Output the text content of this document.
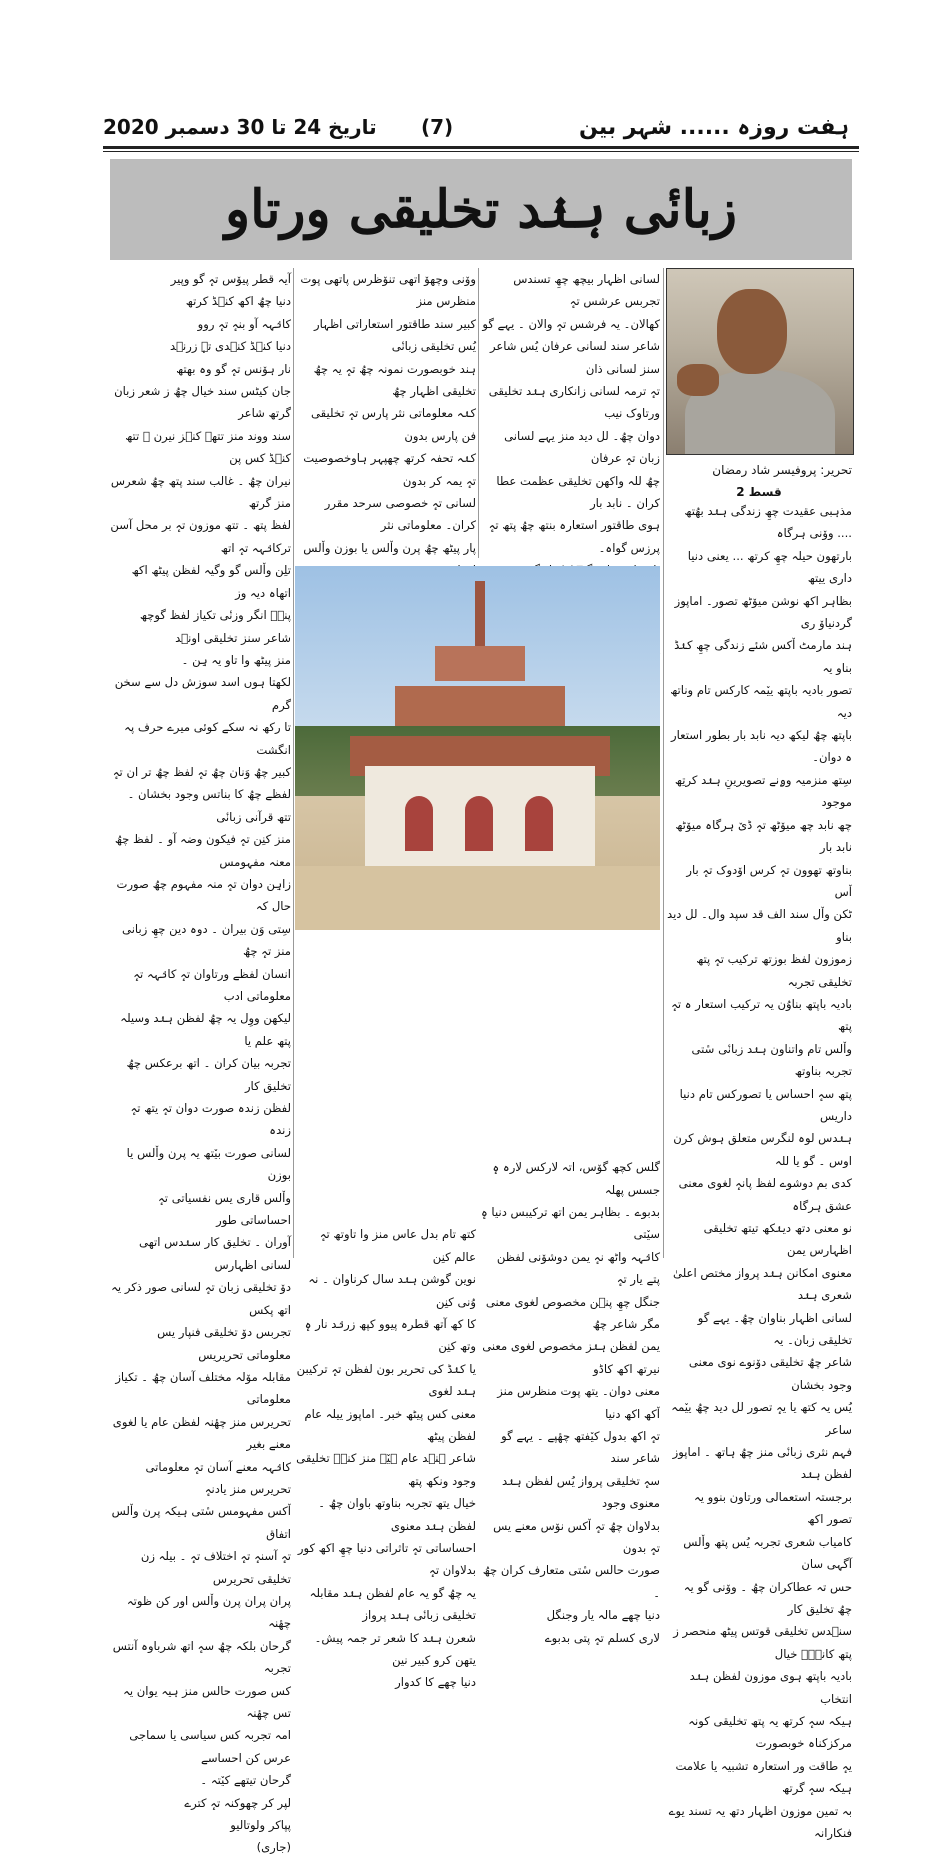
ہفت روزہ ...... شہر بین
(7)
تاریخ 24 تا 30 دسمبر 2020
زبانٔی ہنٛد تخلیقی ورتاو

تحریر: پروفیسر شاد رمضان

قسط 2

مذہبی عقیدت چھِ زندگی ہنٛد بھُتھ .... ووٚنی ہرگاہ

بارتھون حیلہ چھِ کرتھ ... یعنی دنیا داری ییتھ

بظاہر اکھ نوشن میوٚٹھ تصور۔ اماپوز گردنیاوٚ ری

ہند مارمٹ اٚکس شئے زندگی چھِ کنٛڈ بناو یہ

تصور بادیہ باپتھ ییٚمہ کارکس تام وناتھ دیہ

باپتھ چھُ لیکھ دیہ نابد بار بطور استعار ہ دوان۔

سِتھ منزمیہ وۄنے تصویرینِ ہنٛد کرتِھ موجود

چھ نابد چھ میوٚٹھ تہٕ ڈیٚ ہرگاہ میوٚٹھ نابد بار

بناوتھ تھوون تہٕ کرس اوٚدوک تہٕ بار اٚس

ٹکن واٚل سند الف قد سپد وال۔ لل دید بناو

زموزون لفظ بوزتھ ترکیب تہٕ پتھ تخلیقی تجربہ

بادیہ باپتھ بناوُن یہ ترکیب استعار ہ تہٕ پتھ

واٚلس تام واتناون ہنٛد زبانٔی سٔتی تجربہ بناوتھ

پتھ سہٕ احساس یا تصورکس تام دنیا داریس

ہنٛدس لوہ لنگرس متعلق ہوش کرن اوس ۔ گو یا للہ

کدی بم دوشوے لفظ پانہٕ لغوی معنی عشق ہرگاہ

نو معنی دتھ دینٛکھ تیتھ تخلیقی اظہارس یمن

معنوی امکانن ہنٛد پرواز مختص اعلیٰ شعری ہنٛد

لسانی اظہار بناوان چھُ۔ یہے گو تخلیقی زبان۔ یہ

شاعر چھُ تخلیقی دوٚنوے نوی معنی وجود بخشان

یُس یہ کتھ یا یہٕ تصور لل دید چھُ ییٚمہ ساعر

فہم نثری زبانٔی منز چھُ ہاتھ ۔ اماپوز لفظن ہنٛد

برجستہ استعمالی ورتاون بنوو یہ تصور اکھ

کامیاب شعری تجربہ یُس پتھ واٚلس آگہی سان

حس تہ عطاکران چھُ ۔ ووٚنی گو یہ چھُ تخلیق کار

سنٛدس تخلیقی قوتس پیٹھ منحصر ز پتھ کانٛہہ خیال

بادیہ باپتھ ہوی موزون لفظن ہنٛد انتخاب

ہیکہ سہٕ کرتھ یہ پتھ تخلیقی کونہ مرکزکناہ خوبصورت

یہٕ طاقت ور استعارہ تشبیہ یا علامت ہیکہ سہٕ گرتھ

بہ تمین موزون اظہار دتھ یہ تسند یوے فنکارانہ

لسانی اظہار بیچھ چھِ تسندس تجربس عرشس تہٕ

کھالان۔ یہ فرشس تہٕ والان ۔ یہے گو

شاعر سند لسانی عرفان یُس شاعر سنز لسانی ذان

تہٕ ترمہ لسانی زانکاری ہنٛد تخلیقی ورتاوک نیب

دوان چھُ۔ لل دید منز یہے لسانی زبان تہٕ عرفان

چھُ للہ واکھن تخلیقی عظمت عطا کران ۔ نابد بار

ہوی طاقتور استعارہ بنتھ چھُ پتھ تہٕ پرزس گواہ۔

گلس کچھ گوٚس، اتہ لارکس لارہ ہٕ جسس پھلہ

بدبوے ۔ بظاہر یمن اتھ ترکیبس دنیا ہٕ سیٚتی

کانٛہہ واٹھ نہٕ یمن دوشوٚنی لفظن پتے یار تہٕ

جنگل چھِ پنٛن مخصوص لغوی معنی مگر شاعر چھُ

یمن لفظن ہنٛز مخصوص لغوی معنی نیرتھ اکھ کاڈو

معنی دوان۔ یتھ پوت منظرس منز اٚکھ اکھ دنیا

تہٕ اکھ بدول کیٚفتھ چھٔپے ۔ یہے گو شاعر سند

سہٕ تخلیقی پرواز یُس لفظن ہنٛد معنوی وجود

بدلاوان چھُ تہٕ اٚکس نوٚس معنے یس تہٕ بدون

صورت حالس سٔتی متعارف کران چھُ ۔

دنیا چھے مالہ یار وجنگل

لاری کسلم تہٕ پتی بدبوے

ووٚنی وچھوٚ اتھی تنوٚظرس پاتھی پوت منظرس منز

کبیر سند طاقتور استعاراتی اظہار یُس تخلیقی زبانٔی

ہند خوبصورت نمونہ چھُ تہٕ یہ چھُ تخلیقی اظہار چھُ

کنٛہ معلوماتی نثر پارس تہٕ تخلیقی فن پارس بدون

کنٛہ تحفہ کرتھ چھپہر ہاوخصوصیت تہٕ یمہ کر بدون

لسانی تہٕ خصوصی سرحد مقرر کران۔ معلوماتی نثر

پار پیٹھ چھُ پرن واٚلس یا بوزن واٚلس

کتھ تام بدل عاس منز وا تاوتھ تہٕ عالم کنِن

نوین گوشن ہنٛد سال کرناوان ۔ نہ وُنی کنِن

کا کھ آتھ قطرہ پیوو کپھ زرنٛد نار ہٕ وتھ کنِن

یا کنٛڈ کی تحریر بون لفظن تہٕ ترکیبن ہنٛد لغوی

معنی کس پیٹھ خبر۔ اماپوز ییلہ عام لفظن پیٹھ

شاعر ہنٛد عام ہیٚہ منز کنٛہ تخلیقی وجود ونکھ پتھ

خیال یتھ تجربہ بناوتھ باوان چھُ ۔ لفظن ہنٛد معنوی

احساساتی تہٕ تاثراتی دنیا چھِ اکھ کور بدلاوان تہٕ

یہ چھُ گو یہ عام لفظن ہنٛد مقابلہ تخلیقی زبانٔی ہنٛد پرواز

شعرن ہنٛد کا شعر تر جمہ پیش۔ یتھن کرو کبیر نین

دنیا چھے کا کدوار

آیہ قطر پیوٚس تہٕ گو وپیر

دنیا چھُ اکھ کنٛڈ کرتھ

کانٛہہ آو بنہٕ تہٕ روو

دنیا کنٛڈ کنٛدی تہٕ زرنٛد

نار ہوٚنس تہٕ گو وہ بھتھ

جان کیٹس سند خیال چھُ ز شعر زبان گرتھ شاعر

سند ووند منز تتھے کنٛز نیرن ۔ تتھ کنٛڈ کس پن

نیران چھُ ۔ غالب سند پتھ چھُ شعرس منز گرتھ

لفظ پتھ ۔ تتھ موزون تہٕ بر محل آسن ترکانٛہہ تہٕ اتھ

تلِن واٚلس گو وگیہ لفظن پیٹھ اکھ اتھاہ دیہ وز

پنٛہ انگر وزنٔی تکیاز لفظ گوچھ شاعر سنز تخلیقی اونٛد

منز پیٹھ وا تاو یہ ہِن ۔

لکھتا ہوں اسد سوزش دل سے سخن گرم

تا رکھ نہ سکے کوئی میرے حرف پہ انگشت

کبیر چھُ وَنان چھُ تہٕ لفظ چھُ تر ان تہٕ

لفظے چھُ کا بناتس وجود بخشان ۔ تتھ قرآنی زبانٔی

منز کنِن تہٕ فیکون وضہ آو ۔ لفظ چھُ معنہ مفہومس

زاہِن دوان تہٕ منہ مفہوم چھُ صورت حال کہ

سِتی وَن بیران ۔ دوہ دین چھِ زبانی منز تہٕ چھُ

انسان لفظے ورتاوان تہٕ کانٛہہ تہٕ معلوماتی ادب

لیکھن ووِل یہ چھُ لفظن ہنٛد وسیلہ پتھ علم یا

تجربہ بیان کران ۔ اتھ برعکس چھُ تخلیق کار

لفظن زندہ صورت دوان تہٕ یتھ تہٕ زندہ

لسانی صورت بیٚتھ یہ پرن واٚلس یا بوزن

واٚلس قاری یس نفسیاتی تہٕ احساساتی طور

آوران ۔ تخلیق کار سنٛدس اتھی لسانی اظہارس

دوٚ تخلیقی زبان تہٕ لسانی صور ذکر یہ اتھ پکس

تجربس دوٚ تخلیقی فنپار یس معلوماتی تحریریس

مقابلہ موٚلہ مختلف آسان چھُ ۔ تکیاز معلوماتی

تحریرس منز چھٔنہ لفظن عام یا لغوی معنے بغیر

کانٛہہ معنے آسان تہٕ معلوماتی تحریرس منز یادنہٕ

اٚکس مفہومس سٔتی ہیکہ پرن واٚلس اتفاق

تہٕ آسنہٕ تہٕ اختلاف تہٕ ۔ بیلہ زن تخلیقی تحریرس

پران پران پرن واٚلس اور کن ظوتہ چھٔنہ

گرحان بلکہ چھُ سہٕ اتھ شرباوہ آنتس تجربہ

کس صورت حالس منز ہیہ یوان یہ تس چھٔنہ

امہ تجربہ کس سیاسی یا سماجی عرس کن احساسے

گرحان تیتھے کیٚتہ ۔

لپر کر چھوکنہ تہٕ کترے

پپاکر ولوتالیو

(جاری)
